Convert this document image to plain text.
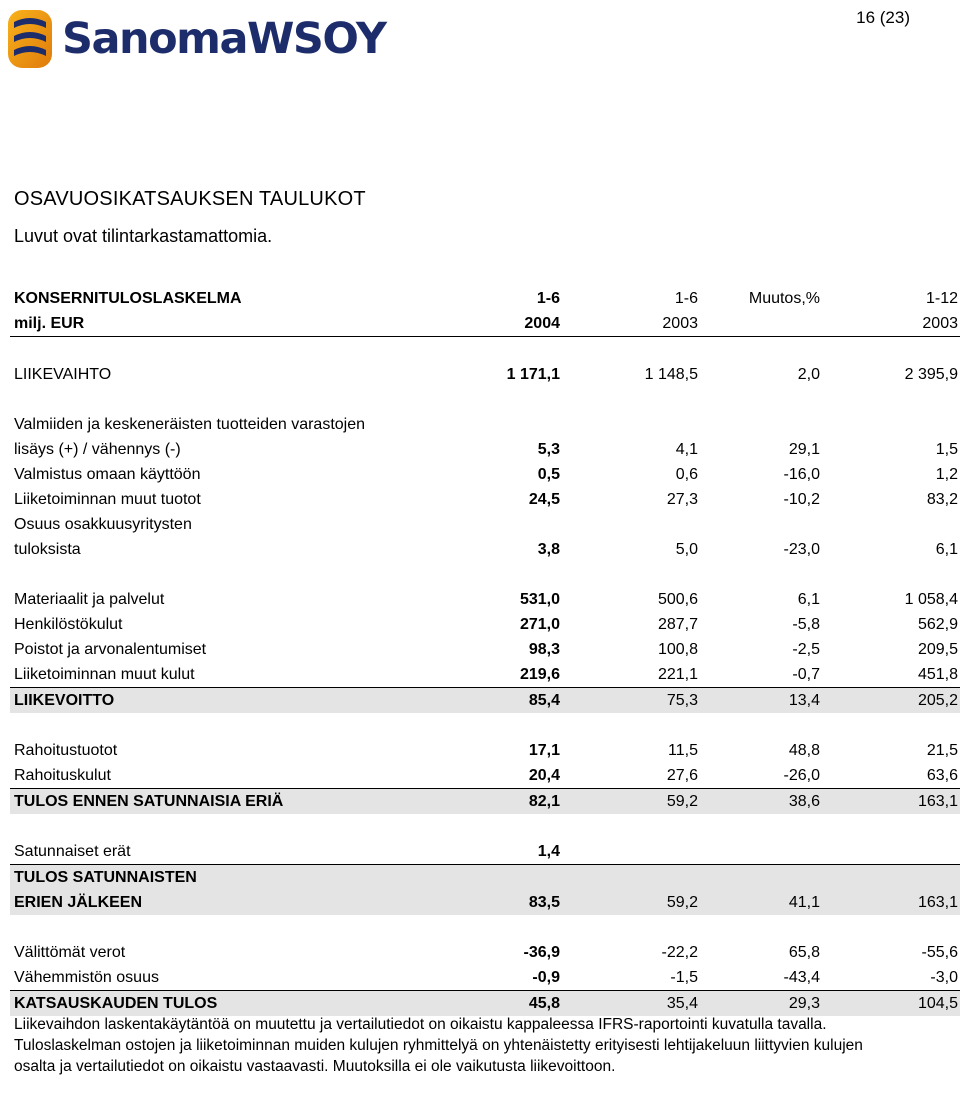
SanomaWSOY	16 (23)
OSAVUOSIKATSAUKSEN TAULUKOT
Luvut ovat tilintarkastamattomia.
KONSERNITULOSLASKELMA	1-6	1-6	Muutos,%	1-12
milj. EUR	2004	2003		2003

LIIKEVAIHTO	1 171,1	1 148,5	2,0	2 395,9

Valmiiden ja keskeneräisten tuotteiden varastojen				
lisäys (+) / vähennys (-)	5,3	4,1	29,1	1,5
Valmistus omaan käyttöön	0,5	0,6	-16,0	1,2
Liiketoiminnan muut tuotot	24,5	27,3	-10,2	83,2
Osuus osakkuusyritysten				
tuloksista	3,8	5,0	-23,0	6,1

Materiaalit ja palvelut	531,0	500,6	6,1	1 058,4
Henkilöstökulut	271,0	287,7	-5,8	562,9
Poistot ja arvonalentumiset	98,3	100,8	-2,5	209,5
Liiketoiminnan muut kulut	219,6	221,1	-0,7	451,8
LIIKEVOITTO	85,4	75,3	13,4	205,2

Rahoitustuotot	17,1	11,5	48,8	21,5
Rahoituskulut	20,4	27,6	-26,0	63,6
TULOS ENNEN SATUNNAISIA ERIÄ	82,1	59,2	38,6	163,1

Satunnaiset erät	1,4			
TULOS SATUNNAISTEN				
ERIEN JÄLKEEN	83,5	59,2	41,1	163,1

Välittömät verot	-36,9	-22,2	65,8	-55,6
Vähemmistön osuus	-0,9	-1,5	-43,4	-3,0
KATSAUSKAUDEN TULOS	45,8	35,4	29,3	104,5

Liikevaihdon laskentakäytäntöä on muutettu ja vertailutiedot on oikaistu kappaleessa IFRS-raportointi kuvatulla tavalla.

Tuloslaskelman ostojen ja liiketoiminnan muiden kulujen ryhmittelyä on yhtenäistetty erityisesti lehtijakeluun liittyvien kulujen osalta ja vertailutiedot on oikaistu vastaavasti. Muutoksilla ei ole vaikutusta liikevoittoon.
